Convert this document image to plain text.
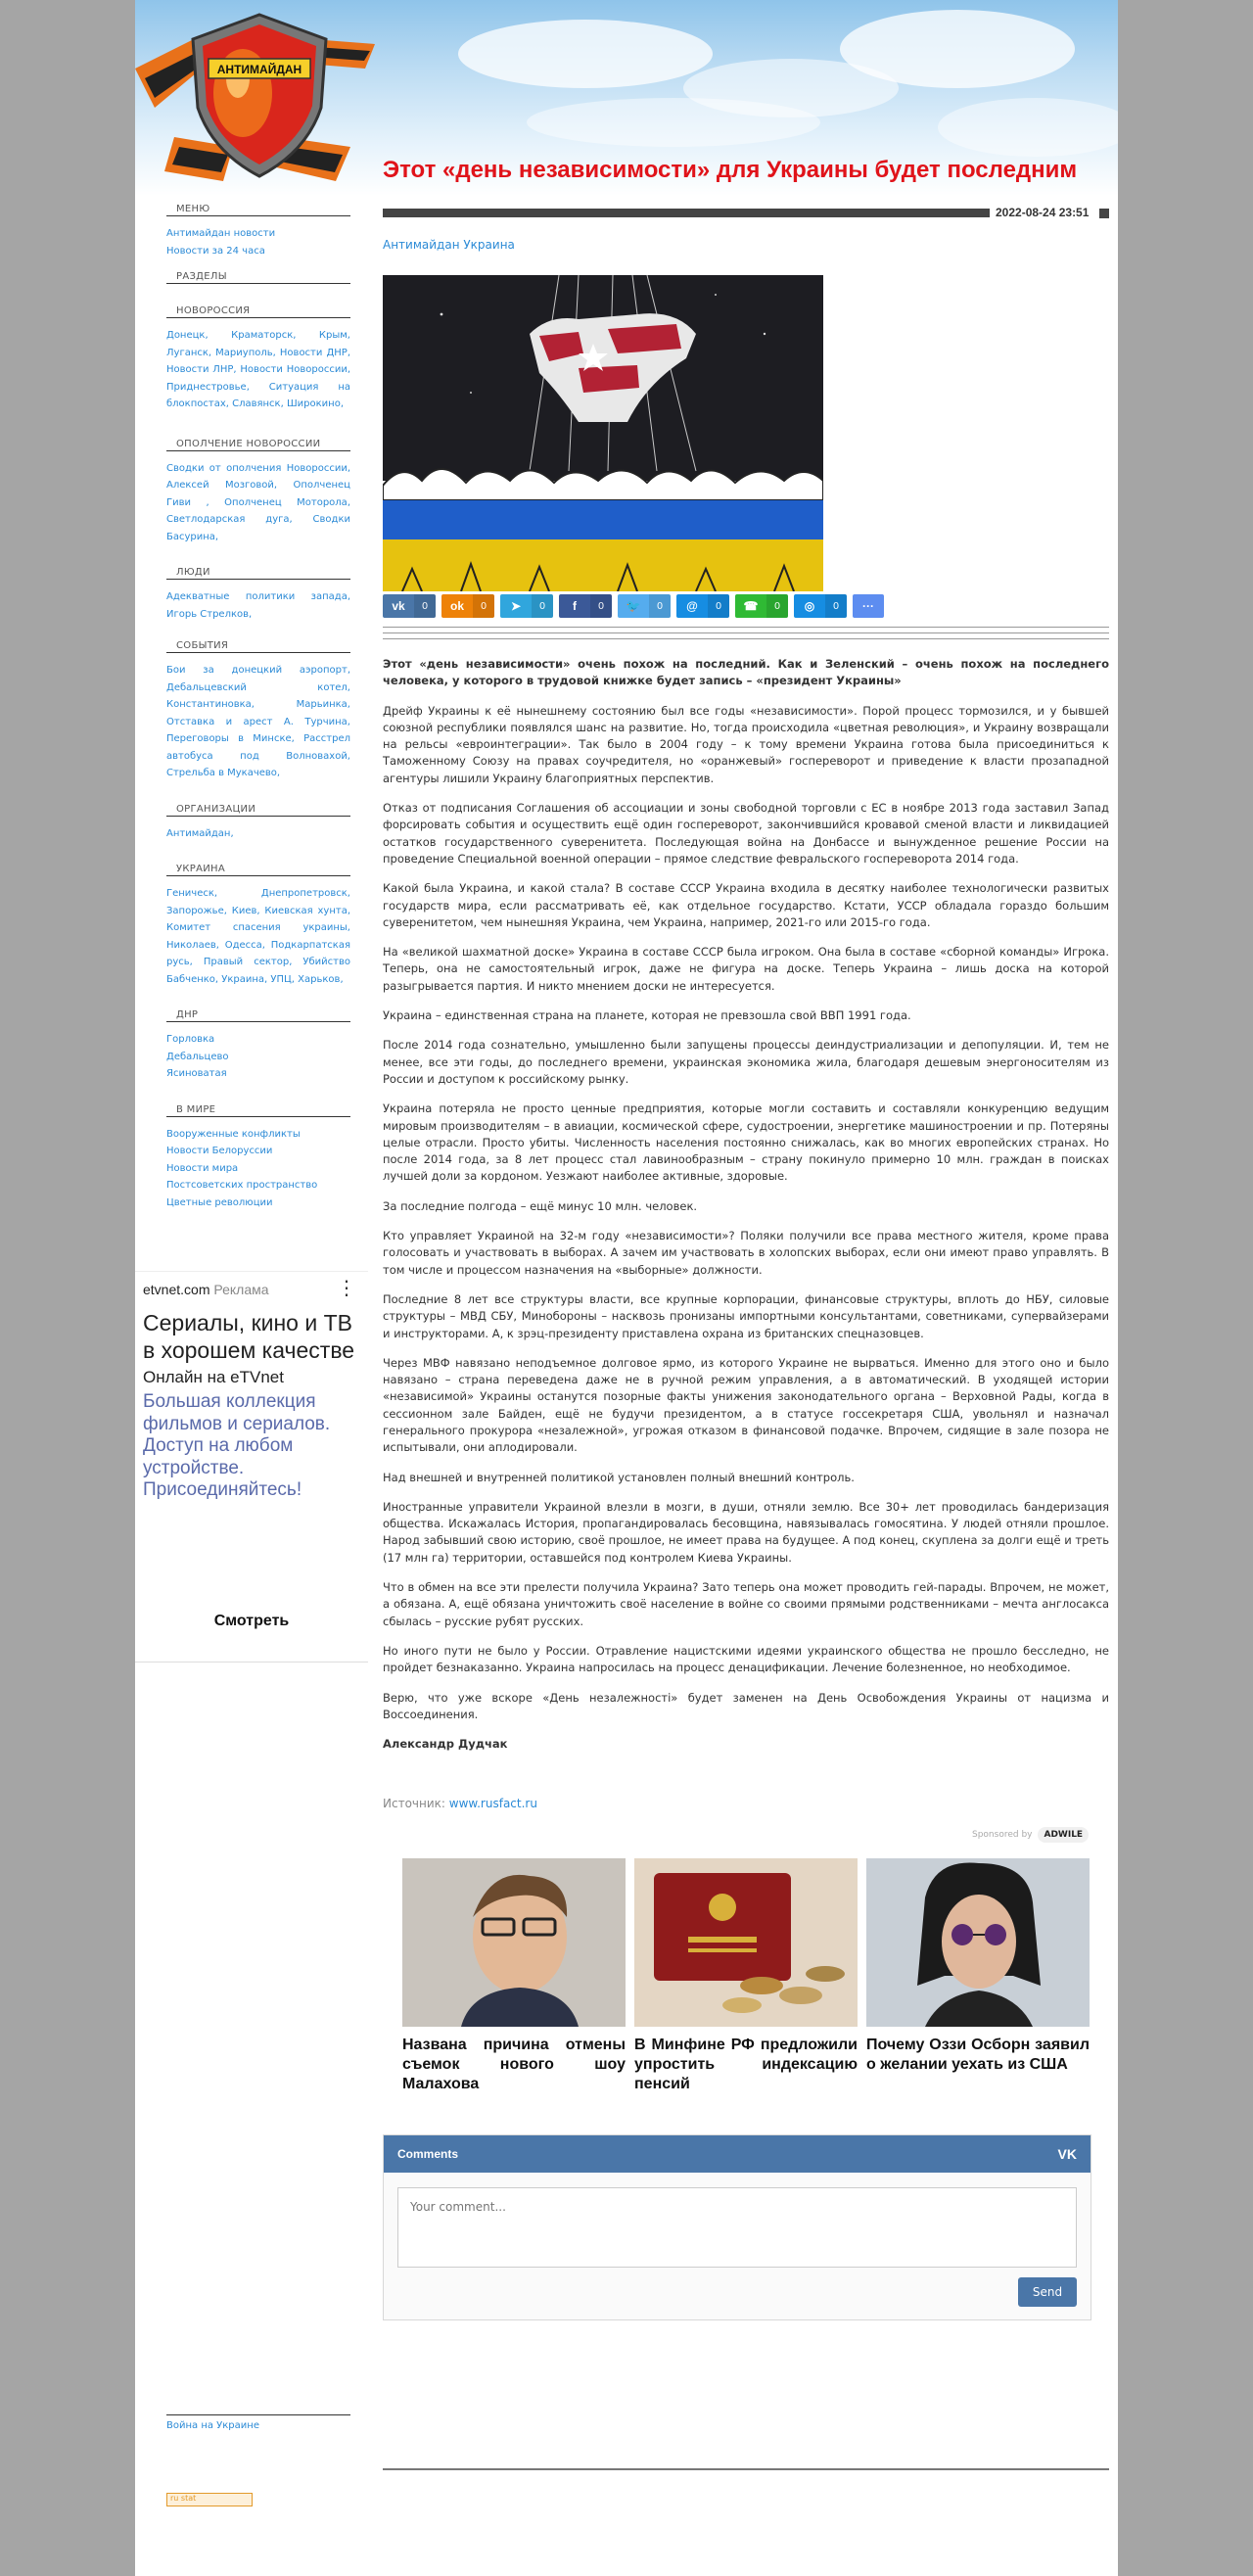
АНТИМАЙДАН
Этот «день независимости» для Украины будет последним
2022-08-24 23:51
Антимайдан Украина
vk	0	ok	0	➤	0	f	0	🐦	0	@	0	☎	0	◎	0	···

Этот «день независимости» очень похож на последний. Как и Зеленский – очень похож на последнего человека, у которого в трудовой книжке будет запись – «президент Украины»

Дрейф Украины к её нынешнему состоянию был все годы «независимости». Порой процесс тормозился, и у бывшей союзной республики появлялся шанс на развитие. Но, тогда происходила «цветная революция», и Украину возвращали на рельсы «евроинтеграции». Так было в 2004 году – к тому времени Украина готова была присоединиться к Таможенному Союзу на правах соучредителя, но «оранжевый» госпереворот и приведение к власти прозападной агентуры лишили Украину благоприятных перспектив.

Отказ от подписания Соглашения об ассоциации и зоны свободной торговли с ЕС в ноябре 2013 года заставил Запад форсировать события и осуществить ещё один госпереворот, закончившийся кровавой сменой власти и ликвидацией остатков государственного суверенитета. Последующая война на Донбассе и вынужденное решение России на проведение Специальной военной операции – прямое следствие февральского госпереворота 2014 года.

Какой была Украина, и какой стала? В составе СССР Украина входила в десятку наиболее технологически развитых государств мира, если рассматривать её, как отдельное государство. Кстати, УССР обладала гораздо большим суверенитетом, чем нынешняя Украина, чем Украина, например, 2021-го или 2015-го года.

На «великой шахматной доске» Украина в составе СССР была игроком. Она была в составе «сборной команды» Игрока. Теперь, она не самостоятельный игрок, даже не фигура на доске. Теперь Украина – лишь доска на которой разыгрывается партия. И никто мнением доски не интересуется.

Украина – единственная страна на планете, которая не превзошла свой ВВП 1991 года.

После 2014 года сознательно, умышленно были запущены процессы деиндустриализации и депопуляции. И, тем не менее, все эти годы, до последнего времени, украинская экономика жила, благодаря дешевым энергоносителям из России и доступом к российскому рынку.

Украина потеряла не просто ценные предприятия, которые могли составить и составляли конкуренцию ведущим мировым производителям – в авиации, космической сфере, судостроении, энергетике машиностроении и пр. Потеряны целые отрасли. Просто убиты. Численность населения постоянно снижалась, как во многих европейских странах. Но после 2014 года, за 8 лет процесс стал лавинообразным – страну покинуло примерно 10 млн. граждан в поисках лучшей доли за кордоном. Уезжают наиболее активные, здоровые.

За последние полгода – ещё минус 10 млн. человек.

Кто управляет Украиной на 32-м году «независимости»? Поляки получили все права местного жителя, кроме права голосовать и участвовать в выборах. А зачем им участвовать в холопских выборах, если они имеют право управлять. В том числе и процессом назначения на «выборные» должности.

Последние 8 лет все структуры власти, все крупные корпорации, финансовые структуры, вплоть до НБУ, силовые структуры – МВД СБУ, Минобороны – насквозь пронизаны импортными консультантами, советниками, супервайзерами и инструкторами. А, к зрэц-президенту приставлена охрана из британских спецназовцев.

Через МВФ навязано неподъемное долговое ярмо, из которого Украине не вырваться. Именно для этого оно и было навязано – страна переведена даже не в ручной режим управления, а в автоматический. В уходящей истории «независимой» Украины останутся позорные факты унижения законодательного органа – Верховной Рады, когда в сессионном зале Байден, ещё не будучи президентом, а в статусе госсекретаря США, увольнял и назначал генерального прокурора «незалежной», угрожая отказом в финансовой подачке. Впрочем, сидящие в зале позора не испытывали, они аплодировали.

Над внешней и внутренней политикой установлен полный внешний контроль.

Иностранные управители Украиной влезли в мозги, в души, отняли землю. Все 30+ лет проводилась бандеризация общества. Искажалась История, пропагандировалась бесовщина, навязывалась гомосятина. У людей отняли прошлое. Народ забывший свою историю, своё прошлое, не имеет права на будущее. А под конец, скупленa за долги ещё и треть (17 млн га) территории, оставшейся под контролем Киева Украины.

Что в обмен на все эти прелести получила Украина? Зато теперь она может проводить гей-парады. Впрочем, не может, а обязана. А, ещё обязана уничтожить своё население в войне со своими прямыми родственниками – мечта англосакса сбылась – русские рубят русских.

Но иного пути не было у России. Отравление нацистскими идеями украинского общества не прошло бесследно, не пройдет безнаказанно. Украина напросилась на процесс денацификации. Лечение болезненное, но необходимое.

Верю, что уже вскоре «День незалежності» будет заменен на День Освобождения Украины от нацизма и Воссоединения.

Александр Дудчак

Источник: www.rusfact.ru
Sponsored by	ADWILE
Названа причина отмены съемок нового шоу Малахова
В Минфине РФ предложили упростить индексацию пенсий
Почему Оззи Осборн заявил о желании уехать из США
Comments	VK
Your comment...
Send
МЕНЮ
Антимайдан новости
Новости за 24 часа
РАЗДЕЛЫ
НОВОРОССИЯ
Донецк, Краматорск, Крым, Луганск, Мариуполь, Новости ДНР, Новости ЛНР, Новости Новороссии, Приднестровье, Ситуация на блокпостах, Славянск, Широкино,
ОПОЛЧЕНИЕ НОВОРОССИИ
Сводки от ополчения Новороссии, Алексей Мозговой, Ополченец Гиви , Ополченец Моторола, Светлодарская дуга, Сводки Басурина,
ЛЮДИ
Адекватные политики запада, Игорь Стрелков,
СОБЫТИЯ
Бои за донецкий аэропорт, Дебальцевский котел, Константиновка,	Марьинка, Отставка и арест А. Турчина, Переговоры в Минске, Расстрел автобуса под Волновахой, Стрельба в Мукачево,
ОРГАНИЗАЦИИ
Антимайдан,
УКРАИНА
Геническ,	Днепропетровск, Запорожье, Киев, Киевская хунта, Комитет спасения украины, Николаев, Одесса, Подкарпатская русь, Правый сектор, Убийство Бабченко, Украина, УПЦ, Харьков,
ДНР
Горловка
Дебальцево
Ясиноватая
В МИРЕ
Вооруженные конфликты
Новости Белоруссии
Новости мира
Постсоветских пространство
Цветные революции
etvnet.com Реклама	⋮
Сериалы, кино и ТВ в хорошем качестве
Онлайн на eTVnet
Большая коллекция фильмов и сериалов. Доступ на любом устройстве. Присоединяйтесь!
Смотреть
Война на Украине
ru stat
